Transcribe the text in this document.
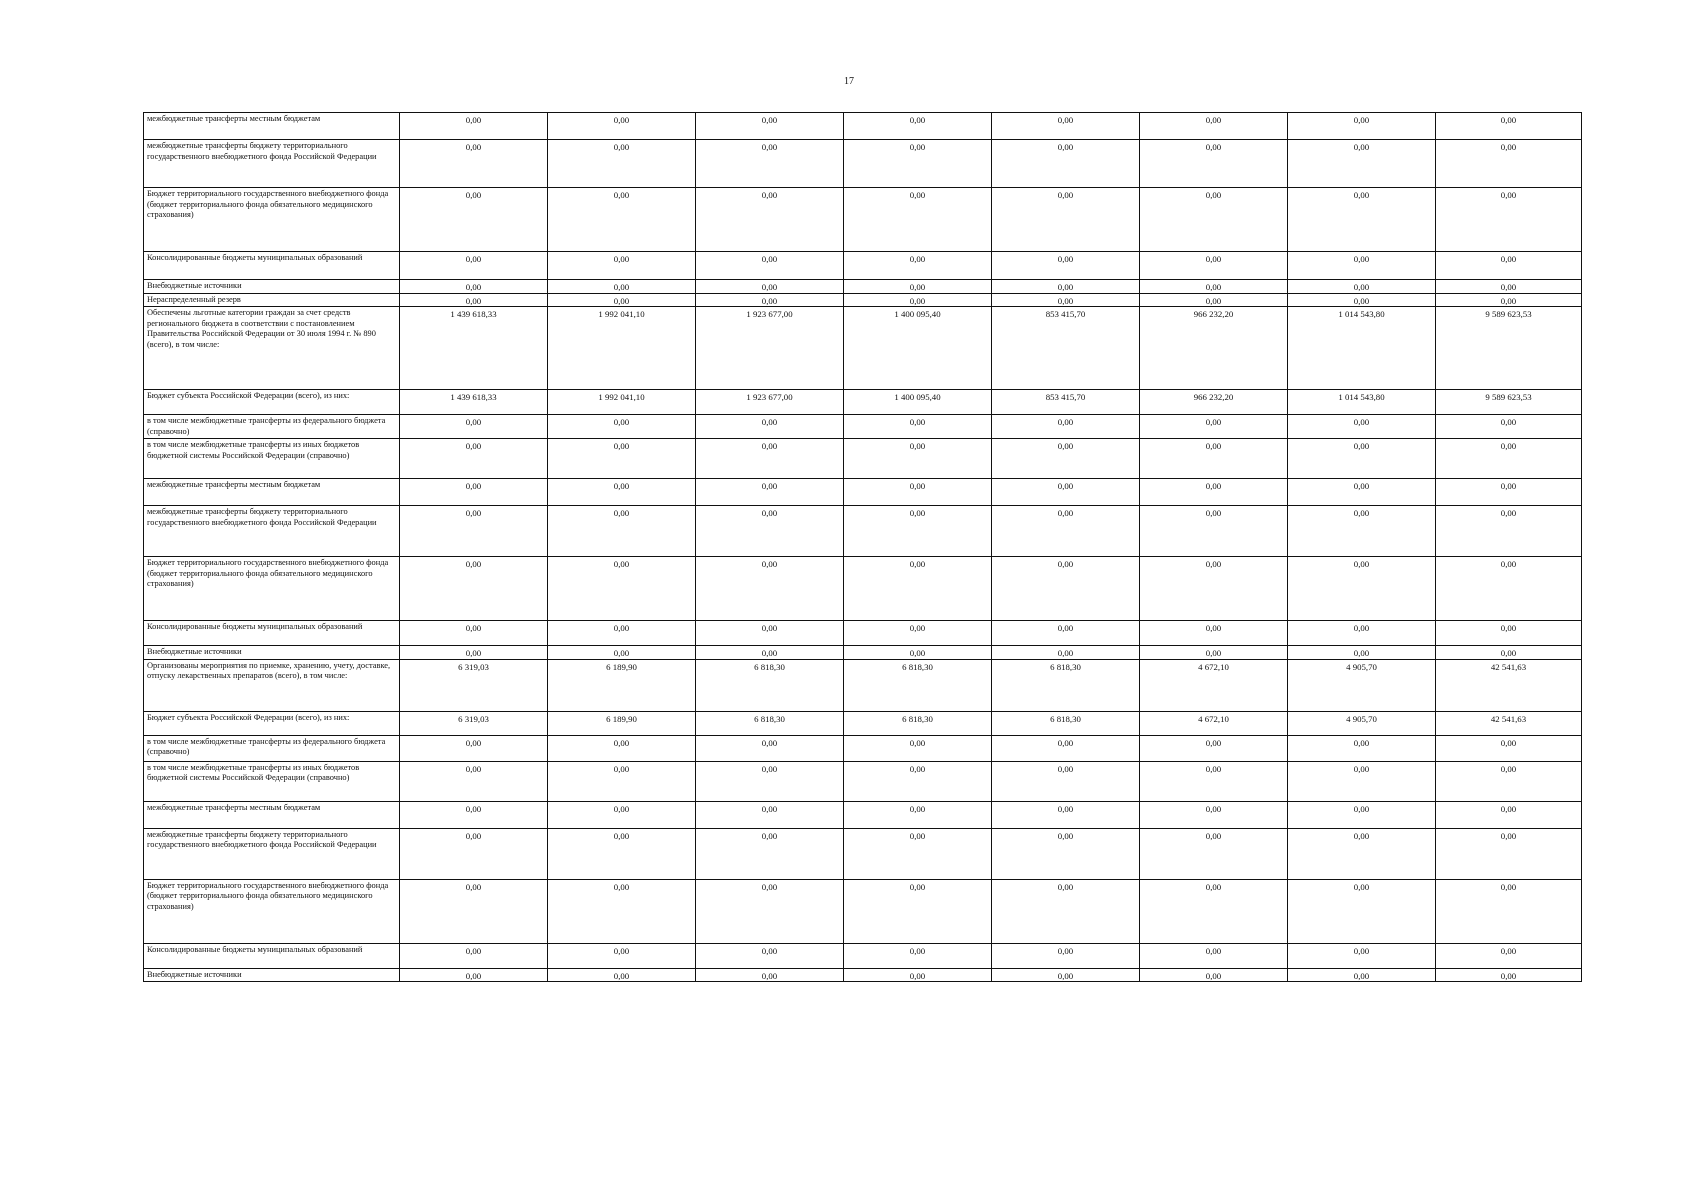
17
межбюджетные трансферты местным бюджетам	0,00	0,00	0,00	0,00	0,00	0,00	0,00	0,00
межбюджетные трансферты бюджету территориального государственного внебюджетного фонда Российской Федерации	0,00	0,00	0,00	0,00	0,00	0,00	0,00	0,00
Бюджет территориального государственного внебюджетного фонда (бюджет территориального фонда обязательного медицинского страхования)	0,00	0,00	0,00	0,00	0,00	0,00	0,00	0,00
Консолидированные бюджеты муниципальных образований	0,00	0,00	0,00	0,00	0,00	0,00	0,00	0,00
Внебюджетные источники	0,00	0,00	0,00	0,00	0,00	0,00	0,00	0,00
Нераспределенный резерв	0,00	0,00	0,00	0,00	0,00	0,00	0,00	0,00
Обеспечены льготные категории граждан за счет средств регионального бюджета в соответствии с постановлением Правительства Российской Федерации от 30 июля 1994 г. № 890 (всего), в том числе:	1 439 618,33	1 992 041,10	1 923 677,00	1 400 095,40	853 415,70	966 232,20	1 014 543,80	9 589 623,53
Бюджет субъекта Российской Федерации (всего), из них:	1 439 618,33	1 992 041,10	1 923 677,00	1 400 095,40	853 415,70	966 232,20	1 014 543,80	9 589 623,53
в том числе межбюджетные трансферты из федерального бюджета (справочно)	0,00	0,00	0,00	0,00	0,00	0,00	0,00	0,00
в том числе межбюджетные трансферты из иных бюджетов бюджетной системы Российской Федерации (справочно)	0,00	0,00	0,00	0,00	0,00	0,00	0,00	0,00
межбюджетные трансферты местным бюджетам	0,00	0,00	0,00	0,00	0,00	0,00	0,00	0,00
межбюджетные трансферты бюджету территориального государственного внебюджетного фонда Российской Федерации	0,00	0,00	0,00	0,00	0,00	0,00	0,00	0,00
Бюджет территориального государственного внебюджетного фонда (бюджет территориального фонда обязательного медицинского страхования)	0,00	0,00	0,00	0,00	0,00	0,00	0,00	0,00
Консолидированные бюджеты муниципальных образований	0,00	0,00	0,00	0,00	0,00	0,00	0,00	0,00
Внебюджетные источники	0,00	0,00	0,00	0,00	0,00	0,00	0,00	0,00
Организованы мероприятия по приемке, хранению, учету, доставке, отпуску лекарственных препаратов (всего), в том числе:	6 319,03	6 189,90	6 818,30	6 818,30	6 818,30	4 672,10	4 905,70	42 541,63
Бюджет субъекта Российской Федерации (всего), из них:	6 319,03	6 189,90	6 818,30	6 818,30	6 818,30	4 672,10	4 905,70	42 541,63
в том числе межбюджетные трансферты из федерального бюджета (справочно)	0,00	0,00	0,00	0,00	0,00	0,00	0,00	0,00
в том числе межбюджетные трансферты из иных бюджетов бюджетной системы Российской Федерации (справочно)	0,00	0,00	0,00	0,00	0,00	0,00	0,00	0,00
межбюджетные трансферты местным бюджетам	0,00	0,00	0,00	0,00	0,00	0,00	0,00	0,00
межбюджетные трансферты бюджету территориального государственного внебюджетного фонда Российской Федерации	0,00	0,00	0,00	0,00	0,00	0,00	0,00	0,00
Бюджет территориального государственного внебюджетного фонда (бюджет территориального фонда обязательного медицинского страхования)	0,00	0,00	0,00	0,00	0,00	0,00	0,00	0,00
Консолидированные бюджеты муниципальных образований	0,00	0,00	0,00	0,00	0,00	0,00	0,00	0,00
Внебюджетные источники	0,00	0,00	0,00	0,00	0,00	0,00	0,00	0,00
